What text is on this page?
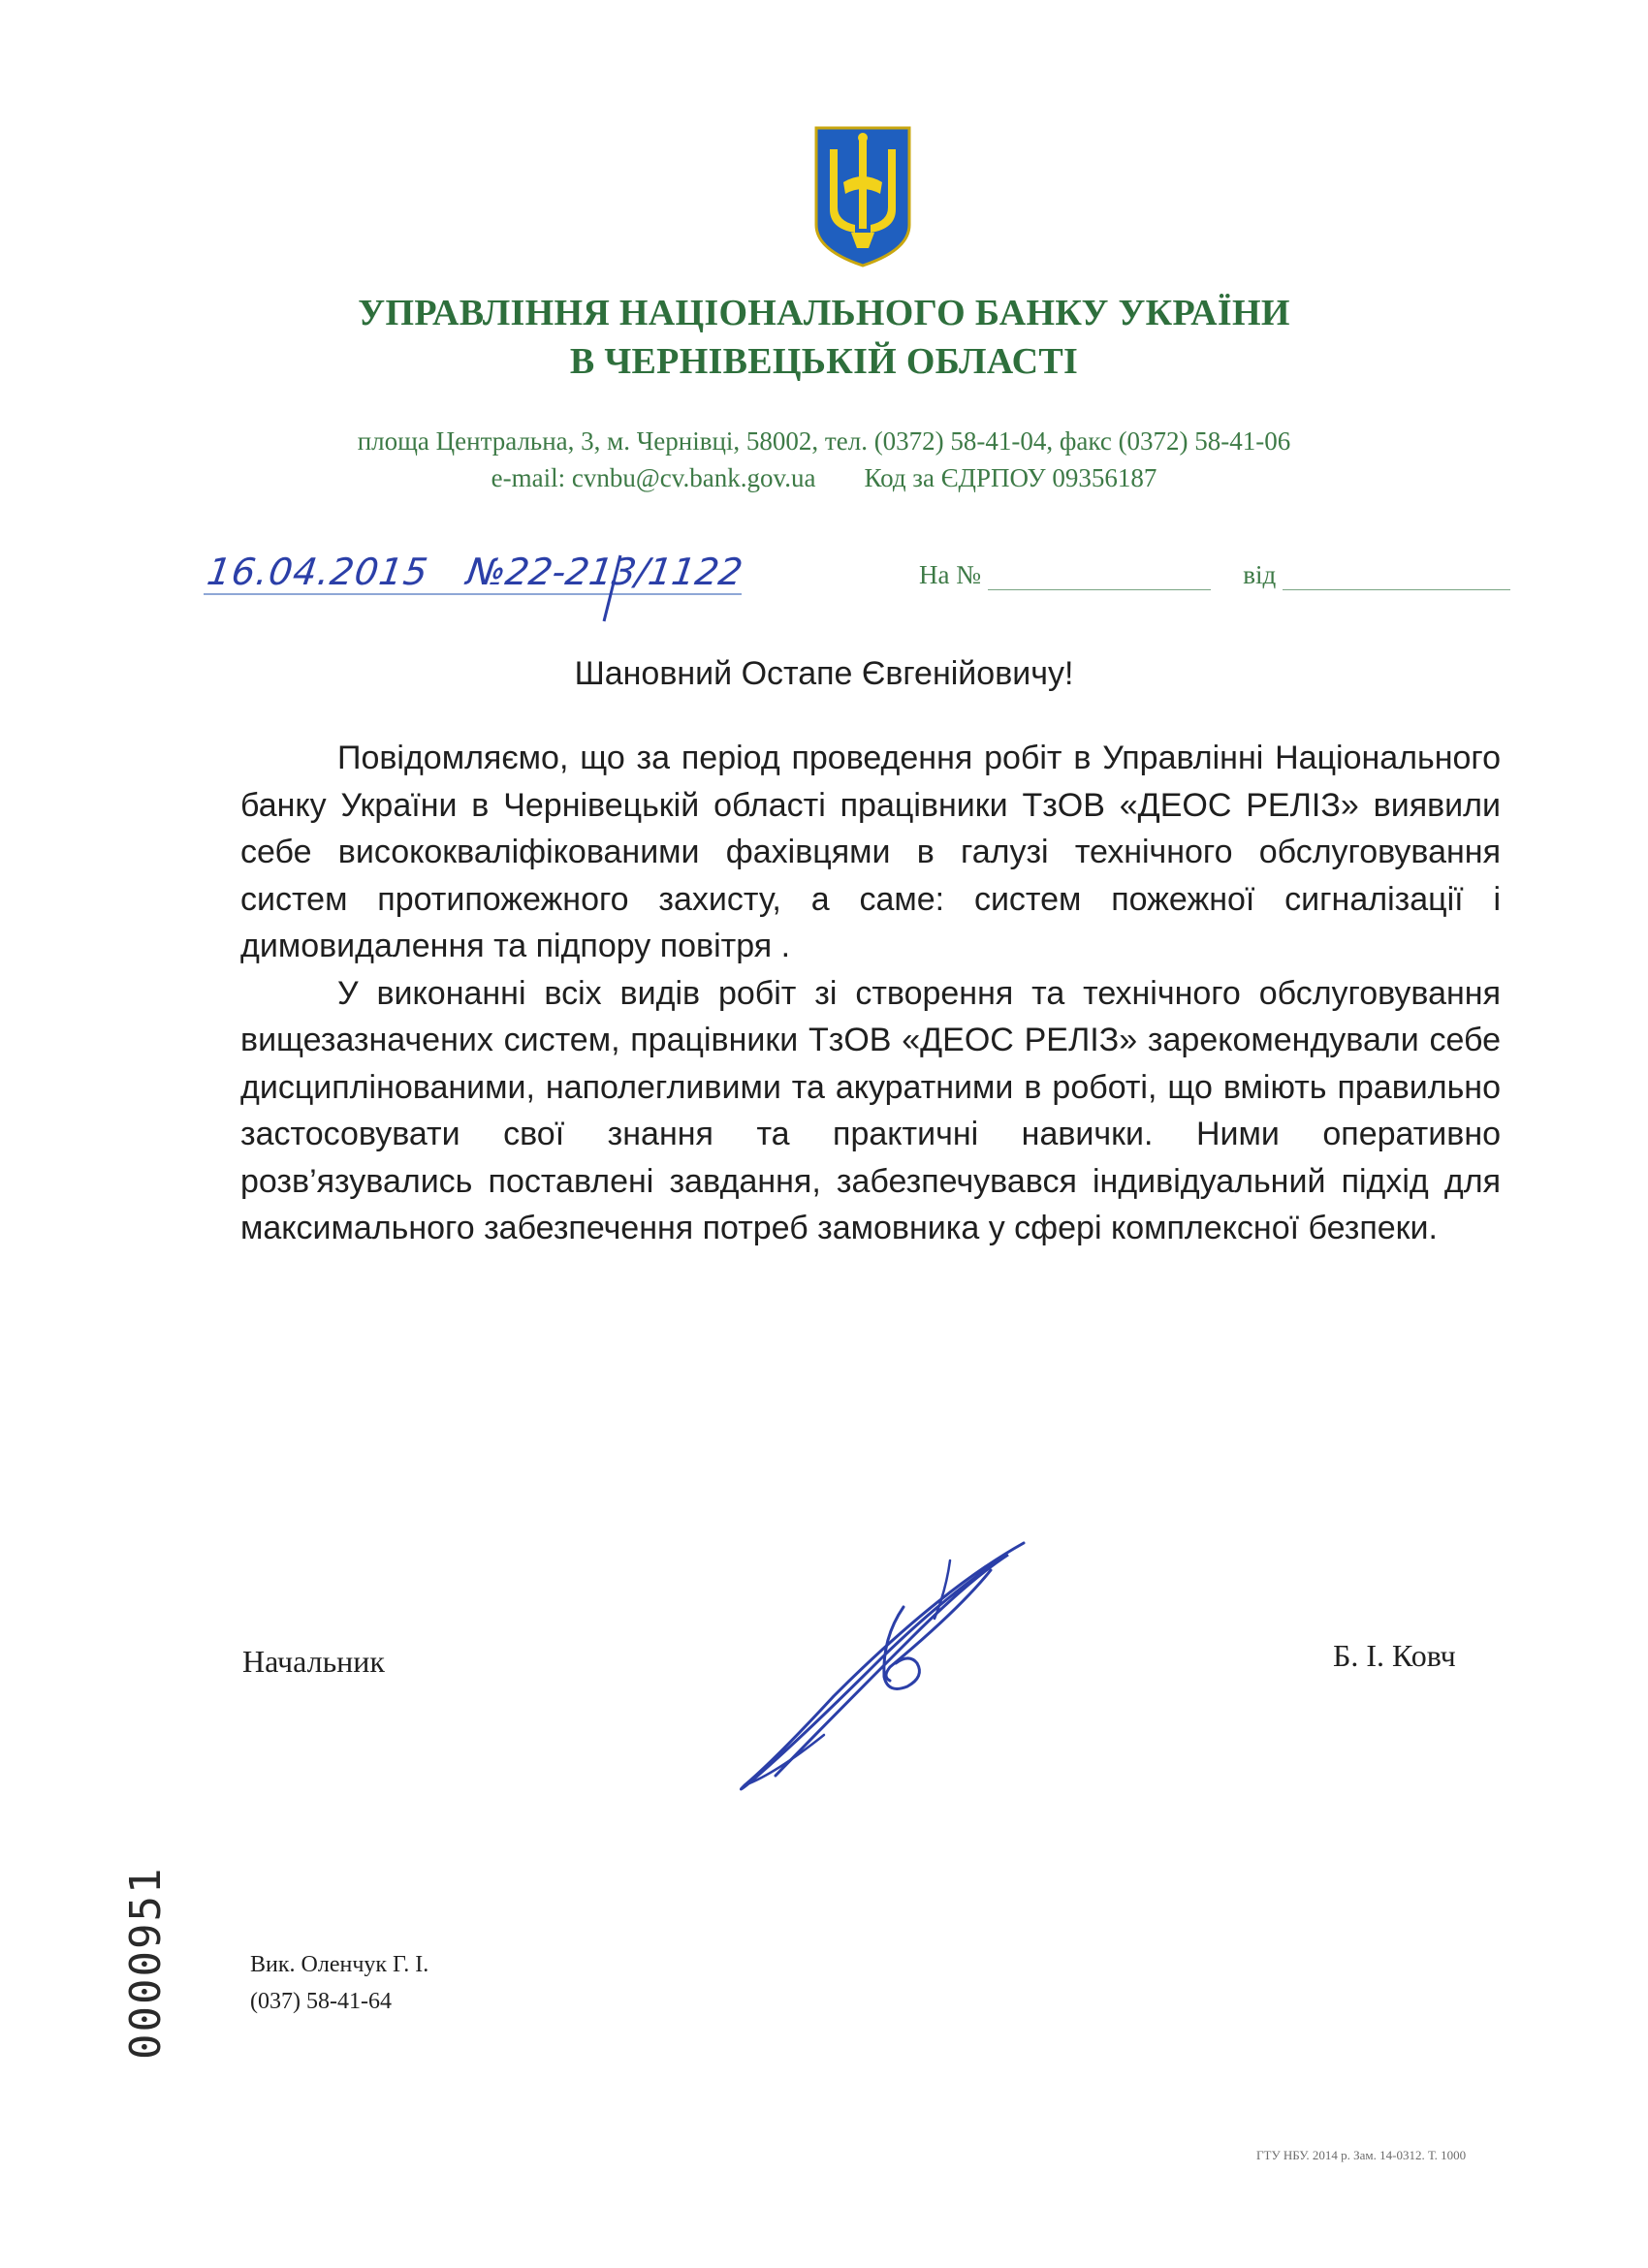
УПРАВЛІННЯ НАЦІОНАЛЬНОГО БАНКУ УКРАЇНИ
В ЧЕРНІВЕЦЬКІЙ ОБЛАСТІ
площа Центральна, 3, м. Чернівці, 58002, тел. (0372) 58-41-04, факс (0372) 58-41-06
e-mail: cvnbu@cv.bank.gov.ua Код за ЄДРПОУ 09356187
16.04.2015 №22-213/1122	На №	від
Шановний Остапе Євгенійовичу!

Повідомляємо, що за період проведення робіт в Управлінні Національного банку України в Чернівецькій області працівники ТзОВ «ДЕОС РЕЛІЗ» виявили себе висококваліфікованими фахівцями в галузі технічного обслуговування систем протипожежного захисту, а саме: систем пожежної сигналізації і димовидалення та підпору повітря .

У виконанні всіх видів робіт зі створення та технічного обслуговування вищезазначених систем, працівники ТзОВ «ДЕОС РЕЛІЗ» зарекомендували себе дисциплінованими, наполегливими та акуратними в роботі, що вміють правильно застосовувати свої знання та практичні навички. Ними оперативно розв’язувались поставлені завдання, забезпечувався індивідуальний підхід для максимального забезпечення потреб замовника у сфері комплексної безпеки.

Начальник	Б. І. Ковч
Вик. Оленчук Г. І.
(037) 58-41-64
0000951
ГТУ НБУ. 2014 р. Зам. 14-0312. Т. 1000
